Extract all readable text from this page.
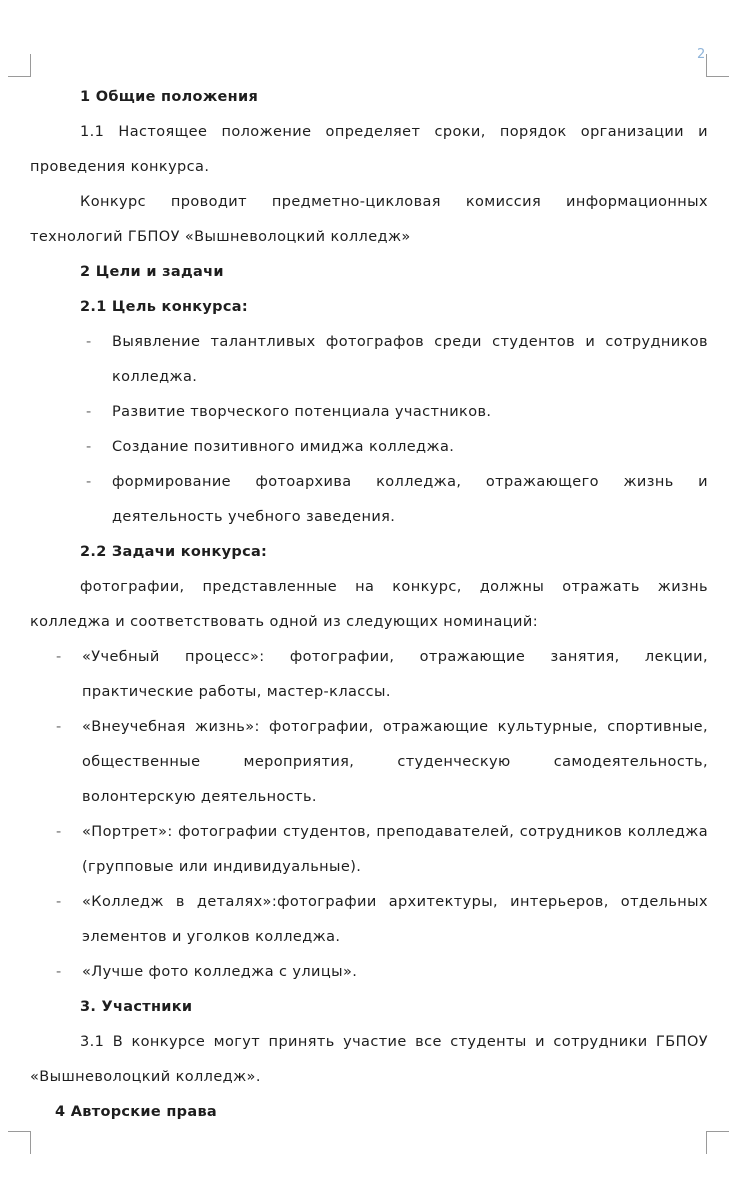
2

1 Общие положения

1.1 Настоящее положение определяет сроки, порядок организации и проведения конкурса.

Конкурс проводит предметно-цикловая комиссия информационных технологий ГБПОУ «Вышневолоцкий колледж»

2 Цели и задачи

2.1 Цель конкурса:

- Выявление талантливых фотографов среди студентов и сотрудников колледжа.
- Развитие творческого потенциала участников.
- Создание позитивного имиджа колледжа.
- формирование фотоархива колледжа, отражающего жизнь и деятельность учебного заведения.

2.2 Задачи конкурса:

фотографии, представленные на конкурс, должны отражать жизнь колледжа и соответствовать одной из следующих номинаций:

- «Учебный процесс»: фотографии, отражающие занятия, лекции, практические работы, мастер-классы.
- «Внеучебная жизнь»: фотографии, отражающие культурные, спортивные, общественные мероприятия, студенческую самодеятельность, волонтерскую деятельность.
- «Портрет»: фотографии студентов, преподавателей, сотрудников колледжа (групповые или индивидуальные).
- «Колледж в деталях»:фотографии архитектуры, интерьеров, отдельных элементов и уголков колледжа.
- «Лучше фото колледжа с улицы».

3. Участники

3.1 В конкурсе могут принять участие все студенты и сотрудники ГБПОУ «Вышневолоцкий колледж».

4 Авторские права
